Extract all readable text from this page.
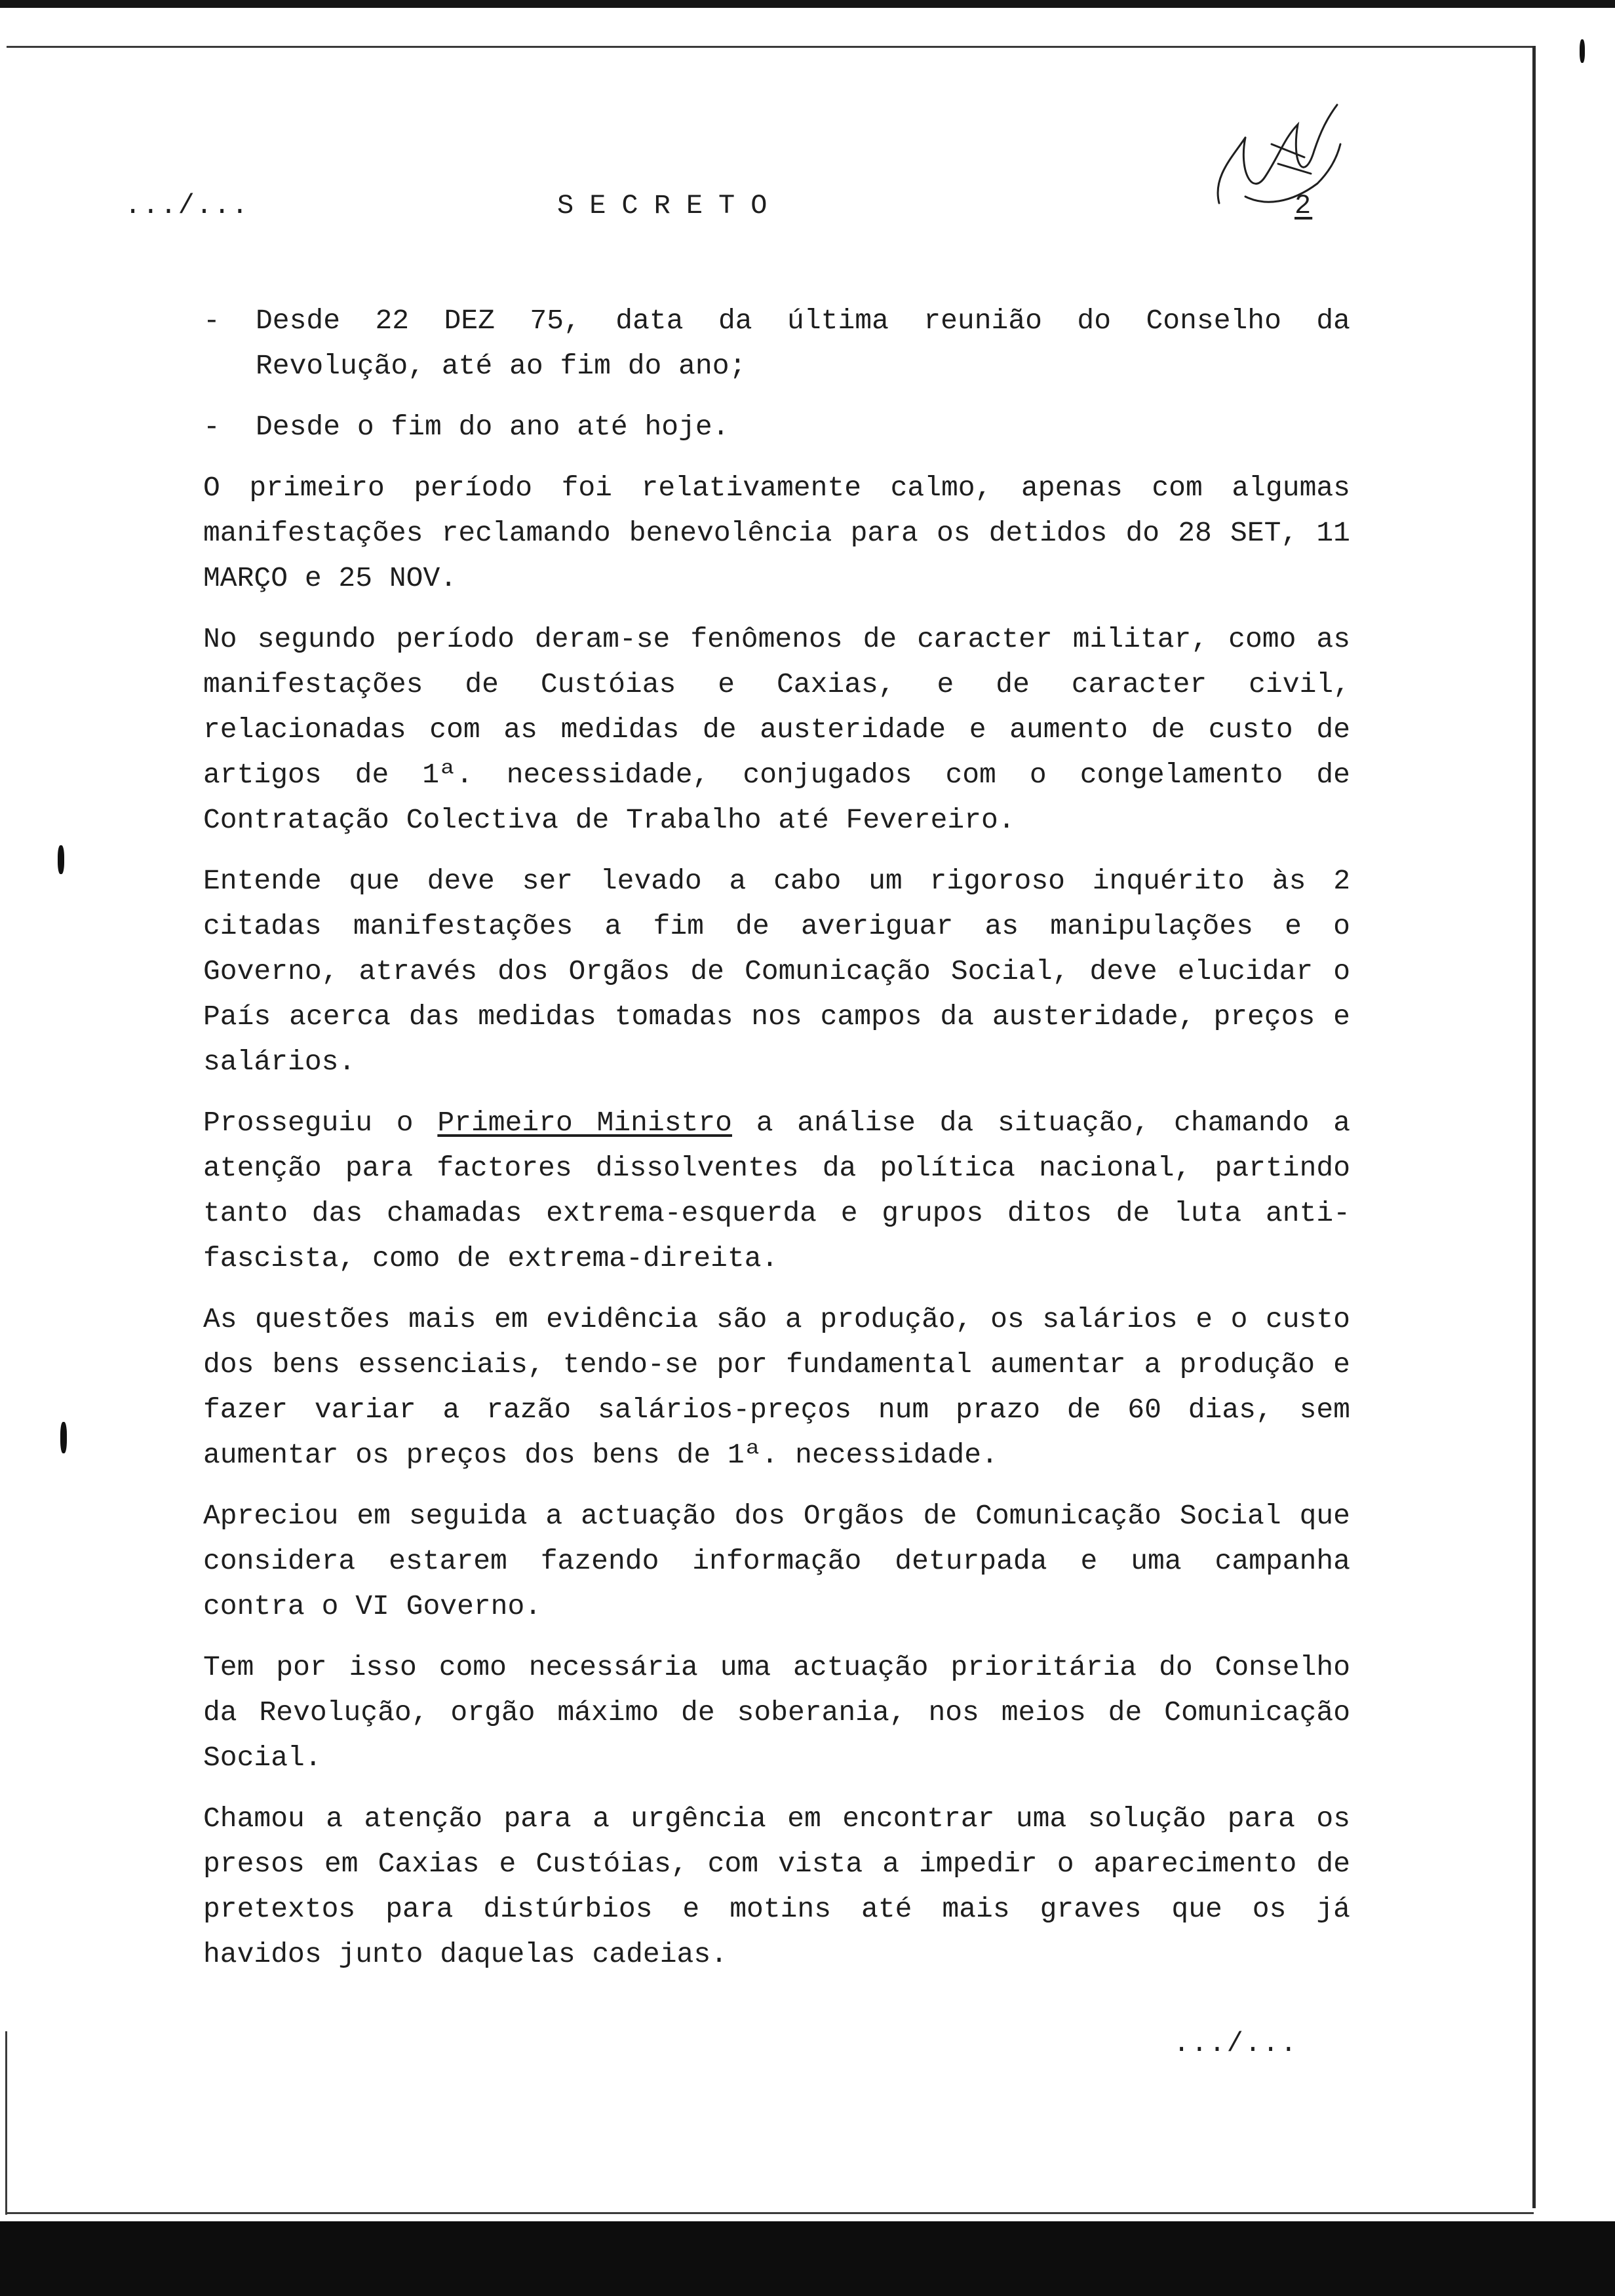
.../...	SECRETO	2
-	Desde 22 DEZ 75, data da última reunião do Conselho da Revolução, até ao fim do ano;
-	Desde o fim do ano até hoje.

O primeiro período foi relativamente calmo, apenas com algumas manifestações reclamando benevolência para os detidos do 28 SET, 11 MARÇO e 25 NOV.

No segundo período deram-se fenômenos de caracter militar, como as manifestações de Custóias e Caxias, e de caracter civil, relacionadas com as medidas de austeridade e aumento de custo de artigos de 1ª. necessidade, conjugados com o congelamento de Contratação Colectiva de Trabalho até Fevereiro.

Entende que deve ser levado a cabo um rigoroso inquérito às 2 citadas manifestações a fim de averiguar as manipulações e o Governo, através dos Orgãos de Comunicação Social, deve elucidar o País acerca das medidas tomadas nos campos da austeridade, preços e salários.

Prosseguiu o Primeiro Ministro a análise da situação, chamando a atenção para factores dissolventes da política nacional, partindo tanto das chamadas extrema-esquerda e grupos ditos de luta anti-fascista, como de extrema-direita.

As questões mais em evidência são a produção, os salários e o custo dos bens essenciais, tendo-se por fundamental aumentar a produção e fazer variar a razão salários-preços num prazo de 60 dias, sem aumentar os preços dos bens de 1ª. necessidade.

Apreciou em seguida a actuação dos Orgãos de Comunicação Social que considera estarem fazendo informação deturpada e uma campanha contra o VI Governo.

Tem por isso como necessária uma actuação prioritária do Conselho da Revolução, orgão máximo de soberania, nos meios de Comunicação Social.

Chamou a atenção para a urgência em encontrar uma solução para os presos em Caxias e Custóias, com vista a impedir o aparecimento de pretextos para distúrbios e motins até mais graves que os já havidos junto daquelas cadeias.

.../...
